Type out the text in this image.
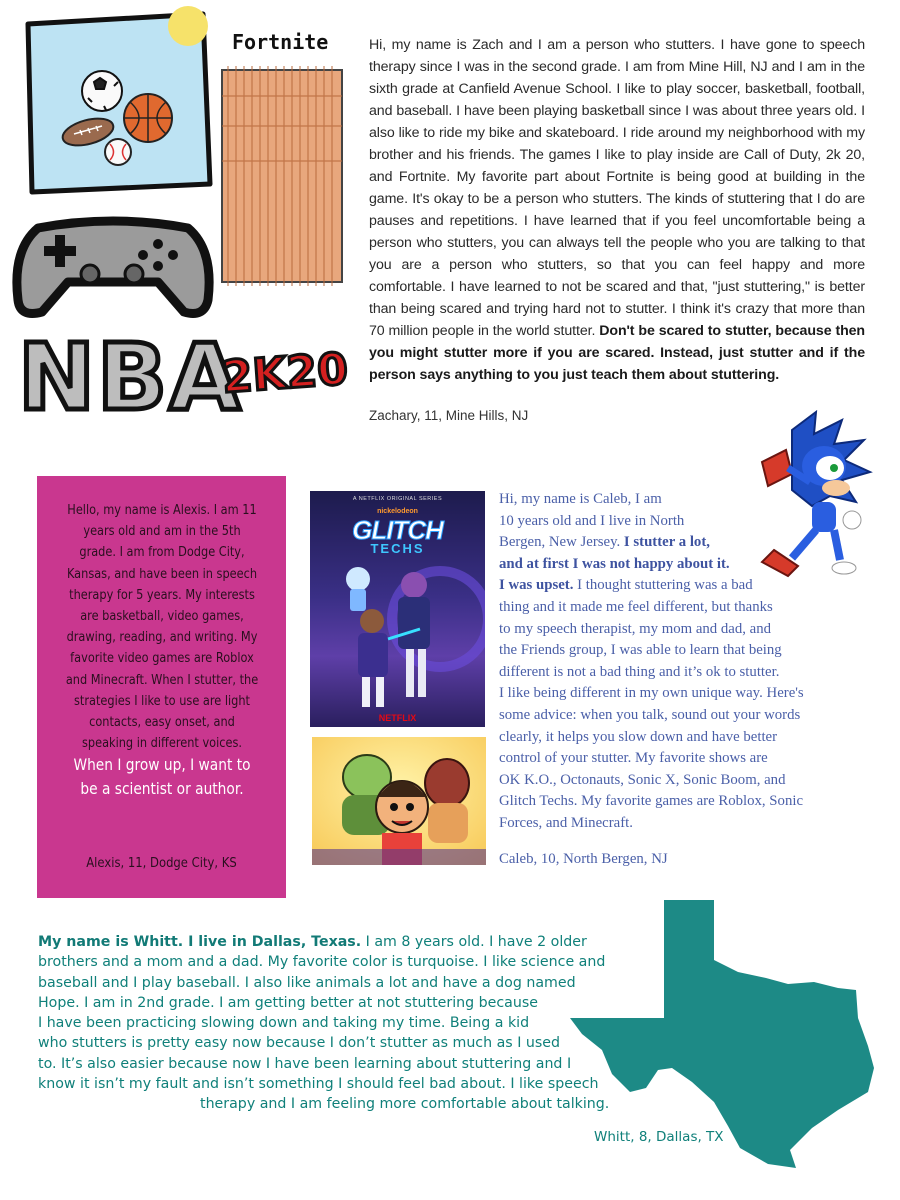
Fortnite
NBA
2K20
Hi, my name is Zach and I am a person who stutters. I have gone to speech therapy since I was in the second grade. I am from Mine Hill, NJ and I am in the sixth grade at Canfield Avenue School. I like to play soccer, basketball, football, and baseball. I have been playing basketball since I was about three years old. I also like to ride my bike and skateboard. I ride around my neighborhood with my brother and his friends. The games I like to play inside are Call of Duty, 2k 20, and Fortnite. My favorite part about Fortnite is being good at building in the game. It's okay to be a person who stutters. The kinds of stuttering that I do are pauses and repetitions. I have learned that if you feel uncomfortable being a person who stutters, you can always tell the people who you are talking to that you are a person who stutters, so that you can feel happy and more comfortable. I have learned to not be scared and that, "just stuttering," is better than being scared and trying hard not to stutter. I think it's crazy that more than 70 million people in the world stutter. Don't be scared to stutter, because then you might stutter more if you are scared. Instead, just stutter and if the person says anything to you just teach them about stuttering.
Zachary, 11, Mine Hills, NJ
Hello, my name is Alexis. I am 11 years old and am in the 5th grade. I am from Dodge City, Kansas, and have been in speech therapy for 5 years. My interests are basketball, video games, drawing, reading, and writing. My favorite video games are Roblox and Minecraft. When I stutter, the strategies I like to use are light contacts, easy onset, and speaking in different voices. When I grow up, I want to be a scientist or author.
Alexis, 11, Dodge City, KS
A NETFLIX ORIGINAL SERIES
nickelodeon
GLITCH
TECHS
NETFLIX
Hi, my name is Caleb, I am
10 years old and I live in North
Bergen, New Jersey. I stutter a lot,
and at first I was not happy about it.
I was upset. I thought stuttering was a bad
thing and it made me feel different, but thanks
to my speech therapist, my mom and dad, and
the Friends group, I was able to learn that being
different is not a bad thing and it’s ok to stutter.
I like being different in my own unique way. Here's
some advice: when you talk, sound out your words
clearly, it helps you slow down and have better
control of your stutter. My favorite shows are
OK K.O., Octonauts, Sonic X, Sonic Boom, and
Glitch Techs. My favorite games are Roblox, Sonic
Forces, and Minecraft.
Caleb, 10, North Bergen, NJ
My name is Whitt. I live in Dallas, Texas. I am 8 years old. I have 2 older
brothers and a mom and a dad. My favorite color is turquoise. I like science and
baseball and I play baseball. I also like animals a lot and have a dog named
Hope. I am in 2nd grade. I am getting better at not stuttering because
I have been practicing slowing down and taking my time. Being a kid
who stutters is pretty easy now because I don’t stutter as much as I used
to. It’s also easier because now I have been learning about stuttering and I
know it isn’t my fault and isn’t something I should feel bad about. I like speech
therapy and I am feeling more comfortable about talking.
Whitt, 8, Dallas, TX
